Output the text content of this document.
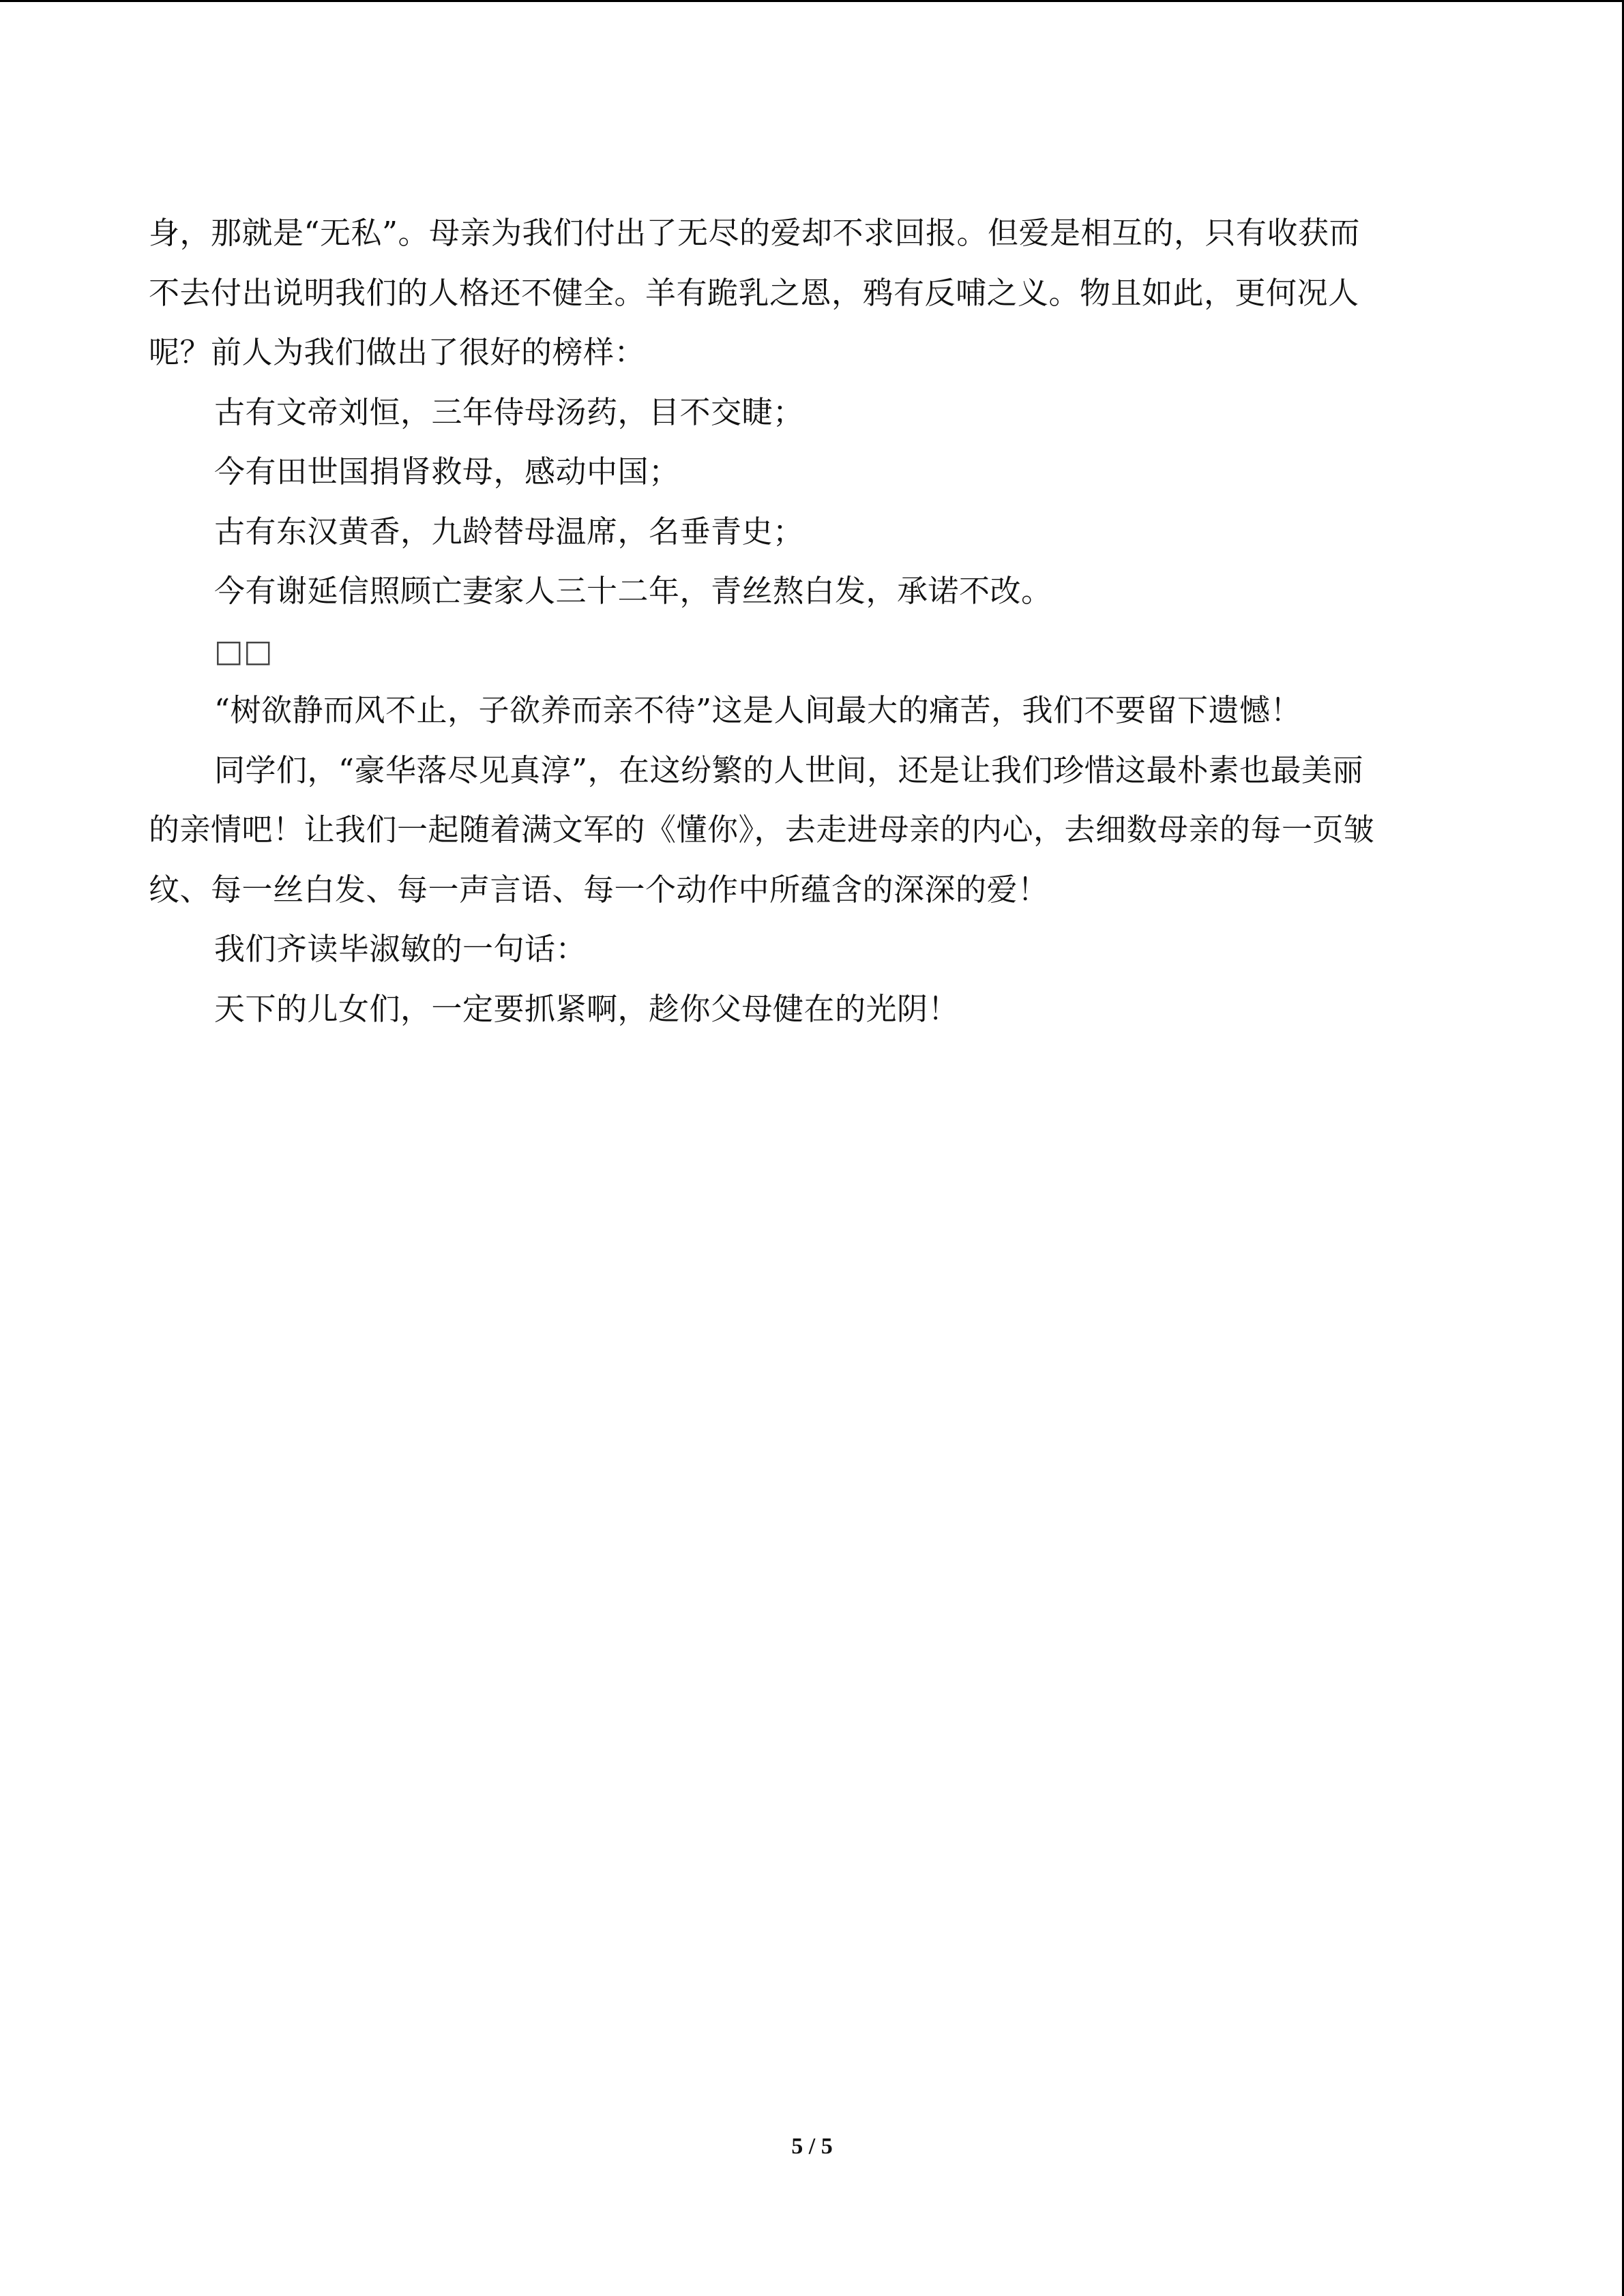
身，那就是“无私”。母亲为我们付出了无尽的爱却不求回报。但爱是相互的，只有收获而

不去付出说明我们的人格还不健全。羊有跪乳之恩，鸦有反哺之义。物且如此，更何况人

呢？前人为我们做出了很好的榜样：

古有文帝刘恒，三年侍母汤药，目不交睫；

今有田世国捐肾救母，感动中国；

古有东汉黄香，九龄替母温席，名垂青史；

今有谢延信照顾亡妻家人三十二年，青丝熬白发，承诺不改。

□□

“树欲静而风不止，子欲养而亲不待”这是人间最大的痛苦，我们不要留下遗憾！

同学们，“豪华落尽见真淳”，在这纷繁的人世间，还是让我们珍惜这最朴素也最美丽

的亲情吧！让我们一起随着满文军的《懂你》，去走进母亲的内心，去细数母亲的每一页皱

纹、每一丝白发、每一声言语、每一个动作中所蕴含的深深的爱！

我们齐读毕淑敏的一句话：

天下的儿女们，一定要抓紧啊，趁你父母健在的光阴！

5 / 5
